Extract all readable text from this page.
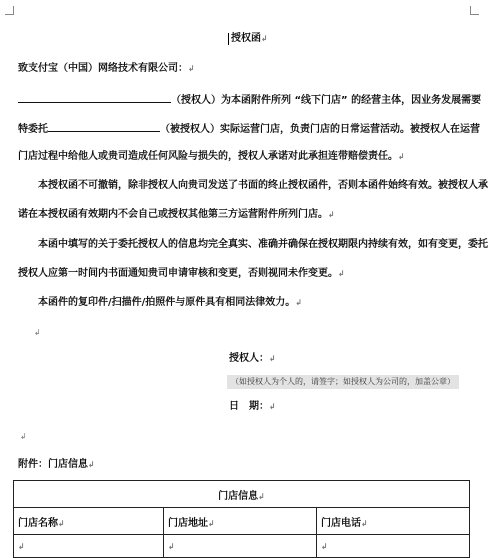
授权函↲
致支付宝（中国）网络技术有限公司：↲
（授权人）为本函附件所列 “线下门店” 的经营主体，因业务发展需要
特委托	（被授权人）实际运营门店，负责门店的日常运营活动。被授权人在运营
门店过程中给他人或贵司造成任何风险与损失的，授权人承诺对此承担连带赔偿责任。↲
本授权函不可撤销，除非授权人向贵司发送了书面的终止授权函件，否则本函件始终有效。被授权人承
诺在本授权函有效期内不会自己或授权其他第三方运营附件所列门店。↲
本函中填写的关于委托授权人的信息均完全真实、准确并确保在授权期限内持续有效，如有变更，委托
授权人应第一时间内书面通知贵司申请审核和变更，否则视同未作变更。↲
本函件的复印件/扫描件/拍照件与原件具有相同法律效力。↲
↲
授权人：↲
（如授权人为个人的，请签字；如授权人为公司的，加盖公章）
日　期：↲
↲
附件：门店信息↲
门店信息↲		
门店名称↲	门店地址↲	门店电话↲
↲	↲	↲
